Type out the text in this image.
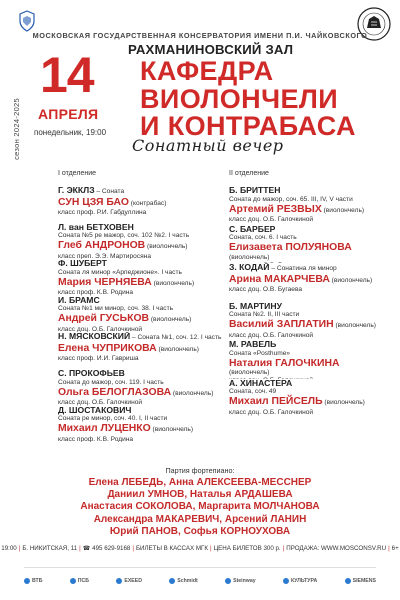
МОСКОВСКАЯ ГОСУДАРСТВЕННАЯ КОНСЕРВАТОРИЯ ИМЕНИ П.И. ЧАЙКОВСКОГО
РАХМАНИНОВСКИЙ ЗАЛ
сезон 2024-2025
14
АПРЕЛЯ
понедельник, 19:00
КАФЕДРА
ВИОЛОНЧЕЛИ
И КОНТРАБАСА
Сонатный вечер
I отделение	II отделение
Г. ЭККЛЗ – Соната
СУН ЦЗЯ БАО (контрабас)
класс проф. Р.И. Габдуллина
Л. ван БЕТХОВЕН
Соната №5 ре мажор, соч. 102 №2. I часть
Глеб АНДРОНОВ (виолончель)
класс преп. Э.Э. Мартиросяна
Ф. ШУБЕРТ
Соната ля минор «Арпеджионе». I часть
Мария ЧЕРНЯЕВА (виолончель)
класс проф. К.В. Родина
И. БРАМС
Соната №1 ми минор, соч. 38. I часть
Андрей ГУСЬКОВ (виолончель)
класс доц. О.Б. Галочкиной
Н. МЯСКОВСКИЙ – Соната №1, соч. 12. I часть
Елена ЧУПРИКОВА (виолончель)
класс проф. И.И. Гавриша
С. ПРОКОФЬЕВ
Соната до мажор, соч. 119. I часть
Ольга БЕЛОГЛАЗОВА (виолончель)
класс доц. О.Б. Галочкиной
Д. ШОСТАКОВИЧ
Соната ре минор, соч. 40. I, II части
Михаил ЛУЦЕНКО (виолончель)
класс проф. К.В. Родина
Б. БРИТТЕН
Соната до мажор, соч. 65. III, IV, V части
Артемий РЕЗВЫХ (виолончель)
класс доц. О.Б. Галочкиной
С. БАРБЕР
Соната, соч. 6. I часть
Елизавета ПОЛУЯНОВА
(виолончель)
З. КОДАЙ – Сонатина ля минор
Арина МАКАРЧЕВА (виолончель)
класс доц. О.В. Бугаева
Б. МАРТИНУ
Соната №2. II, III части
Василий ЗАПЛАТИН (виолончель)
класс доц. О.Б. Галочкиной
М. РАВЕЛЬ
Соната «Posthume»
Наталия ГАЛОЧКИНА
(виолончель)
А. ХИНАСТЕРА
Соната, соч. 49
Михаил ПЕЙСЕЛЬ (виолончель)
класс доц. О.Б. Галочкиной
Партия фортепиано:
Елена ЛЕБЕДЬ, Анна АЛЕКСЕЕВА-МЕССНЕР
Даниил УМНОВ, Наталья АРДАШЕВА
Анастасия СОКОЛОВА, Маргарита МОЛЧАНОВА
Александра МАКАРЕВИЧ, Арсений ЛАНИН
Юрий ПАНОВ, Софья КОРНОУХОВА
19:00 | Б. НИКИТСКАЯ, 11 | ☎ 495 629-9168 | БИЛЕТЫ В КАССАХ МГК | ЦЕНА БИЛЕТОВ 300 р. | ПРОДАЖА: WWW.MOSCONSV.RU | 6+
ВТБ	ПСБ	EXEED	Schmidt	Steinway	КУЛЬТУРА	SIEMENS
